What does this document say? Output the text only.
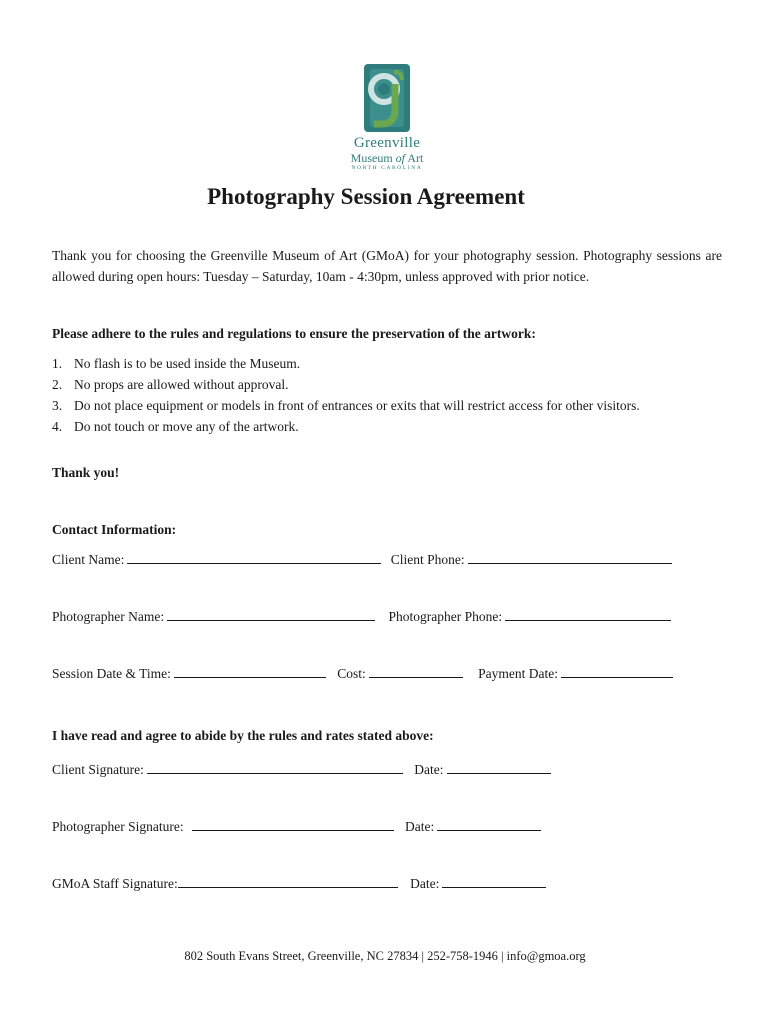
Greenville
Museum of Art
NORTH CAROLINA
Photography Session Agreement
Thank you for choosing the Greenville Museum of Art (GMoA) for your photography session. Photography sessions are allowed during open hours: Tuesday – Saturday, 10am - 4:30pm, unless approved with prior notice.
Please adhere to the rules and regulations to ensure the preservation of the artwork:
1. No flash is to be used inside the Museum.
2. No props are allowed without approval.
3. Do not place equipment or models in front of entrances or exits that will restrict access for other visitors.
4. Do not touch or move any of the artwork.
Thank you!
Contact Information:
Client Name:	Client Phone:
Photographer Name:	Photographer Phone:
Session Date & Time:	Cost:	Payment Date:
I have read and agree to abide by the rules and rates stated above:
Client Signature:	Date:
Photographer Signature:	Date:
GMoA Staff Signature:	Date:
802 South Evans Street, Greenville, NC 27834 | 252-758-1946 | info@gmoa.org
